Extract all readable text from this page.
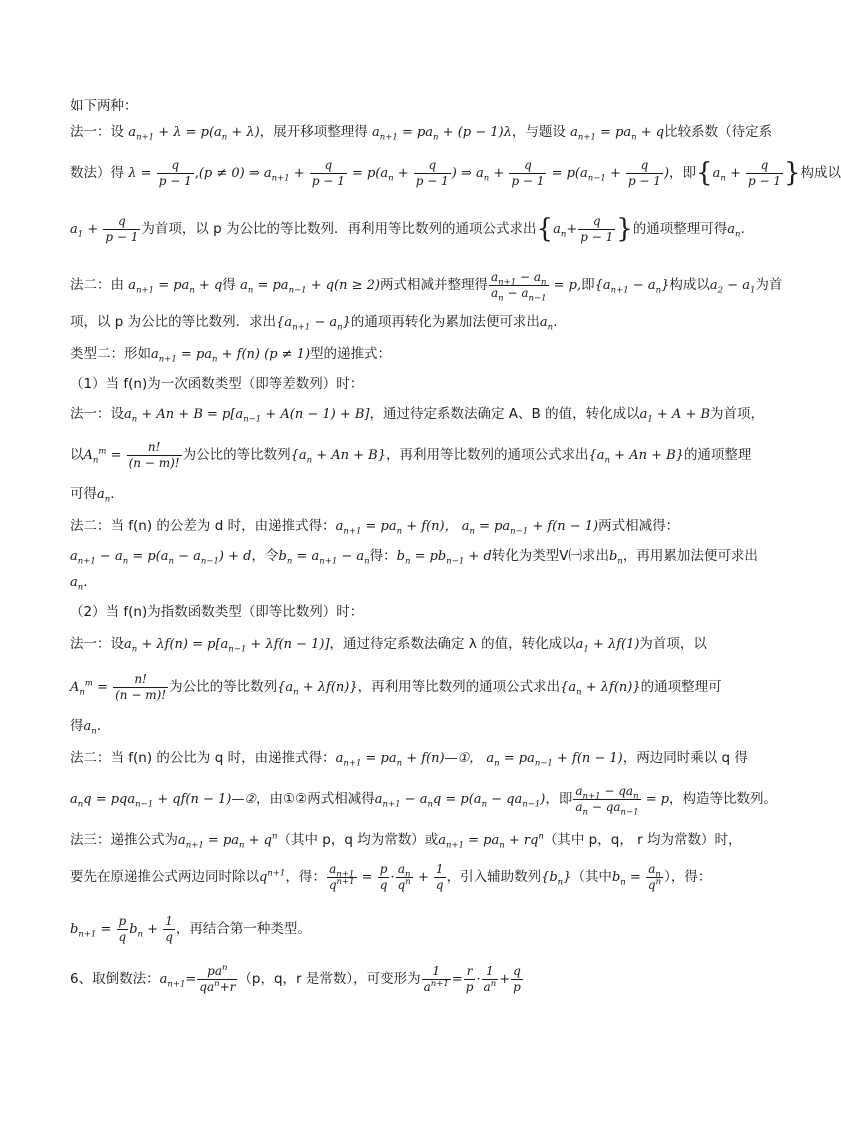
如下两种：
法一：设 $a_{n+1} + \lambda = p(a_n + \lambda)$，展开移项整理得 $a_{n+1} = pa_n + (p - 1)\lambda$，与题设 $a_{n+1} = pa_n + q$比较系数（待定系
数法）得 $\lambda = \frac{q}{p - 1} ,(p \ne 0)$ ⇒ $a_{n+1} + \frac{q}{p - 1} = p(a_n + \frac{q}{p - 1}$ ) ⇒ $a_n + \frac{q}{p - 1} = p(a_{n-1} + \frac{q}{p - 1}$ )，即{$a_n + \frac{q}{p - 1}$ }构成以
$a_1 + \frac{q}{p - 1}$ 为首项，以 p 为公比的等比数列．再利用等比数列的通项公式求出{$a_n+ \frac{q}{p - 1}$ }的通项整理可得$a_n$.
法二：由 $a_{n+1} = pa_n + q$得 $a_n = pa_{n-1} + q(n \ge 2)$两式相减并整理得 $\frac{a_{n+1} - a_n}{a_n - a_{n-1}} = p$,即$\{a_{n+1} - a_n\}$构成以$a_2 - a_1$为首
项，以 p 为公比的等比数列．求出$\{a_{n+1} - a_n\}$的通项再转化为累加法便可求出$a_n$.
类型二：形如$a_{n+1} = pa_n + f(n) (p \ne 1)$型的递推式：
（1）当 f(n)为一次函数类型（即等差数列）时：
法一：设$a_n + An + B = p[a_{n-1} + A(n - 1) + B]$，通过待定系数法确定 A、B 的值，转化成以$a_1 + A + B$为首项，
以$A_n^m = \frac{n!}{(n - m)!}$ 为公比的等比数列$\{a_n + An + B\}$，再利用等比数列的通项公式求出$\{a_n + An + B\}$的通项整理
可得$a_n$.
法二：当 f(n) 的公差为 d 时，由递推式得：$a_{n+1} = pa_n + f(n)$， $a_n = pa_{n-1} + f(n - 1)$两式相减得：
$a_{n+1} - a_n = p(a_n - a_{n-1}) + d$，令$b_n = a_{n+1} - a_n$得：$b_n = pb_{n-1} + d$转化为类型Ⅴ㈠求出$b_n$，再用累加法便可求出
$a_n$.
（2）当 f(n)为指数函数类型（即等比数列）时：
法一：设$a_n + \lambda f(n) = p[a_{n-1} + \lambda f(n - 1)]$，通过待定系数法确定 λ 的值，转化成以$a_1 + \lambda f(1)$为首项，以
$A_n^m = \frac{n!}{(n - m)!}$ 为公比的等比数列$\{a_n + \lambda f(n)\}$，再利用等比数列的通项公式求出$\{a_n + \lambda f(n)\}$的通项整理可
得$a_n$.
法二：当 f(n) 的公比为 q 时，由递推式得：$a_{n+1} = pa_n$ + f(n)—①， $a_n = pa_{n-1} + f(n - 1)$，两边同时乘以 q 得
$a_nq = pqa_{n-1} + qf(n$ − 1)—②，由①②两式相减得$a_{n+1} - a_nq = p(a_n - qa_{n-1})$，即 $\frac{a_{n+1} - qa_n}{a_n - qa_{n-1}} = p$，构造等比数列。
法三：递推公式为$a_{n+1} = pa_n + q^n$（其中 p，q 均为常数）或$a_{n+1} = pa_n + rq^n$（其中 p，q， r 均为常数）时，
要先在原递推公式两边同时除以$q^{n+1}$，得： $\frac{a_{n+1}}{q^{n+1}} = \frac{p}{q} \cdot \frac{a_n}{q^n} + \frac{1}{q}$ ，引入辅助数列$\{b_n\}$（其中$b_n = \frac{a_n}{q^n}$ ），得：
$b_{n+1} = \frac{p}{q} b_n + \frac{1}{q}$ ，再结合第一种类型。
6、取倒数法：$a_{n+1}= \frac{pa^n}{qa^n+r} (p$，q，r 是常数），可变形为 $\frac{1}{a^{n+1}} = \frac{r}{p} \cdot \frac{1}{a^n} + \frac{q}{p}$
